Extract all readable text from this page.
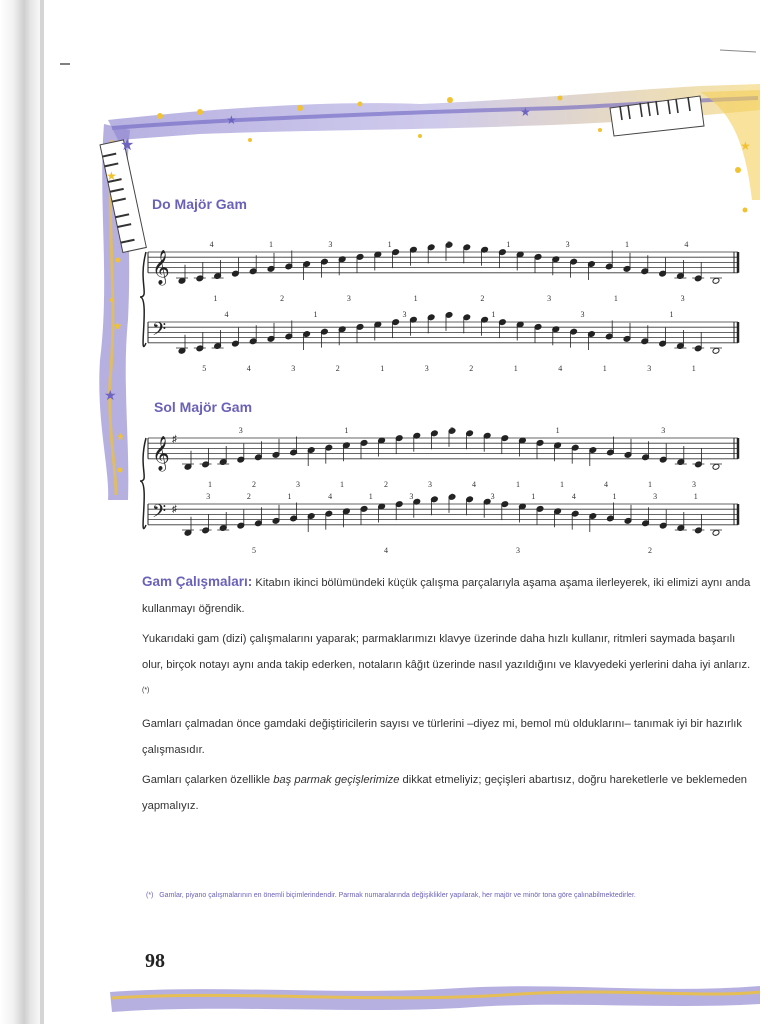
★
★
★
★
★
★
★
★
Do Majör Gam
𝄞
4	1	3	1	5	1	3	1	4
1	2	3	1	2	3	1	3
𝄢
4	1	3	1	3	1
5	4	3	2	1	3	2	1	4	1	3	1
Sol Majör Gam
𝄞 ♯
3	1	5	1	3
1	2	3	1	2	3	4	1	1	4	1	3
𝄢 ♯
3	2	1	4	1	3	1	3	1	4	1	3	1
5	4	3	2

Gam Çalışmaları: Kitabın ikinci bölümündeki küçük çalışma parçalarıyla aşama aşama ilerleyerek, iki elimizi aynı anda kullanmayı öğrendik.

Yukarıdaki gam (dizi) çalışmalarını yaparak; parmaklarımızı klavye üzerinde daha hızlı kullanır, ritmleri saymada başarılı olur, birçok notayı aynı anda takip ederken, notaların kâğıt üzerinde nasıl yazıldığını ve klavyedeki yerlerini daha iyi anlarız. (*)

Gamları çalmadan önce gamdaki değiştiricilerin sayısı ve türlerini –diyez mi, bemol mü olduklarını– tanımak iyi bir hazırlık çalışmasıdır.

Gamları çalarken özellikle baş parmak geçişlerimize dikkat etmeliyiz; geçişleri abartısız, doğru hareketlerle ve beklemeden yapmalıyız.

(*) Gamlar, piyano çalışmalarının en önemli biçimlerindendir. Parmak numaralarında değişiklikler yapılarak, her majör ve minör tona göre çalınabilmektedirler.
98
